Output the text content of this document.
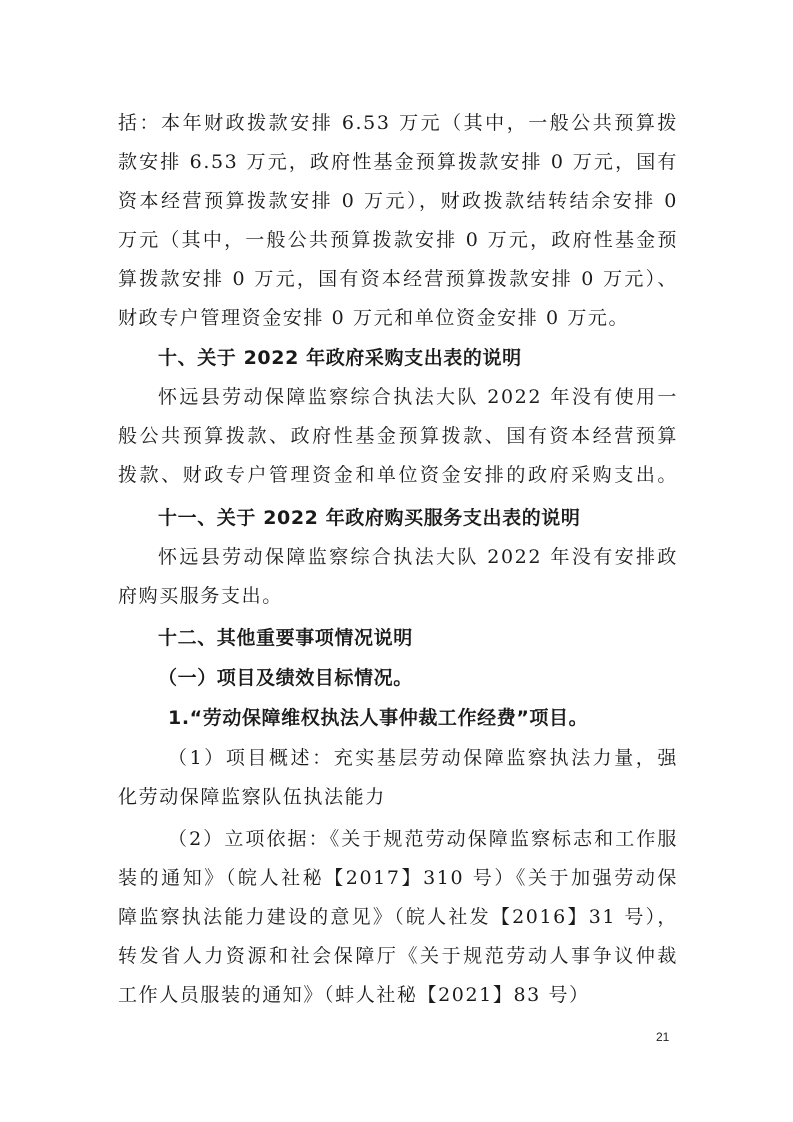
括：本年财政拨款安排 6.53 万元（其中，一般公共预算拨
款安排 6.53 万元，政府性基金预算拨款安排 0 万元，国有
资本经营预算拨款安排 0 万元），财政拨款结转结余安排 0
万元（其中，一般公共预算拨款安排 0 万元，政府性基金预
算拨款安排 0 万元，国有资本经营预算拨款安排 0 万元）、
财政专户管理资金安排 0 万元和单位资金安排 0 万元。
十、关于 2022 年政府采购支出表的说明
怀远县劳动保障监察综合执法大队 2022 年没有使用一
般公共预算拨款、政府性基金预算拨款、国有资本经营预算
拨款、财政专户管理资金和单位资金安排的政府采购支出。
十一、关于 2022 年政府购买服务支出表的说明
怀远县劳动保障监察综合执法大队 2022 年没有安排政
府购买服务支出。
十二、其他重要事项情况说明
（一）项目及绩效目标情况。
1.“劳动保障维权执法人事仲裁工作经费”项目。
（1）项目概述：充实基层劳动保障监察执法力量，强
化劳动保障监察队伍执法能力
（2）立项依据：《关于规范劳动保障监察标志和工作服
装的通知》（皖人社秘【2017】310 号）《关于加强劳动保
障监察执法能力建设的意见》（皖人社发【2016】31 号），
转发省人力资源和社会保障厅《关于规范劳动人事争议仲裁
工作人员服装的通知》（蚌人社秘【2021】83 号）
21
